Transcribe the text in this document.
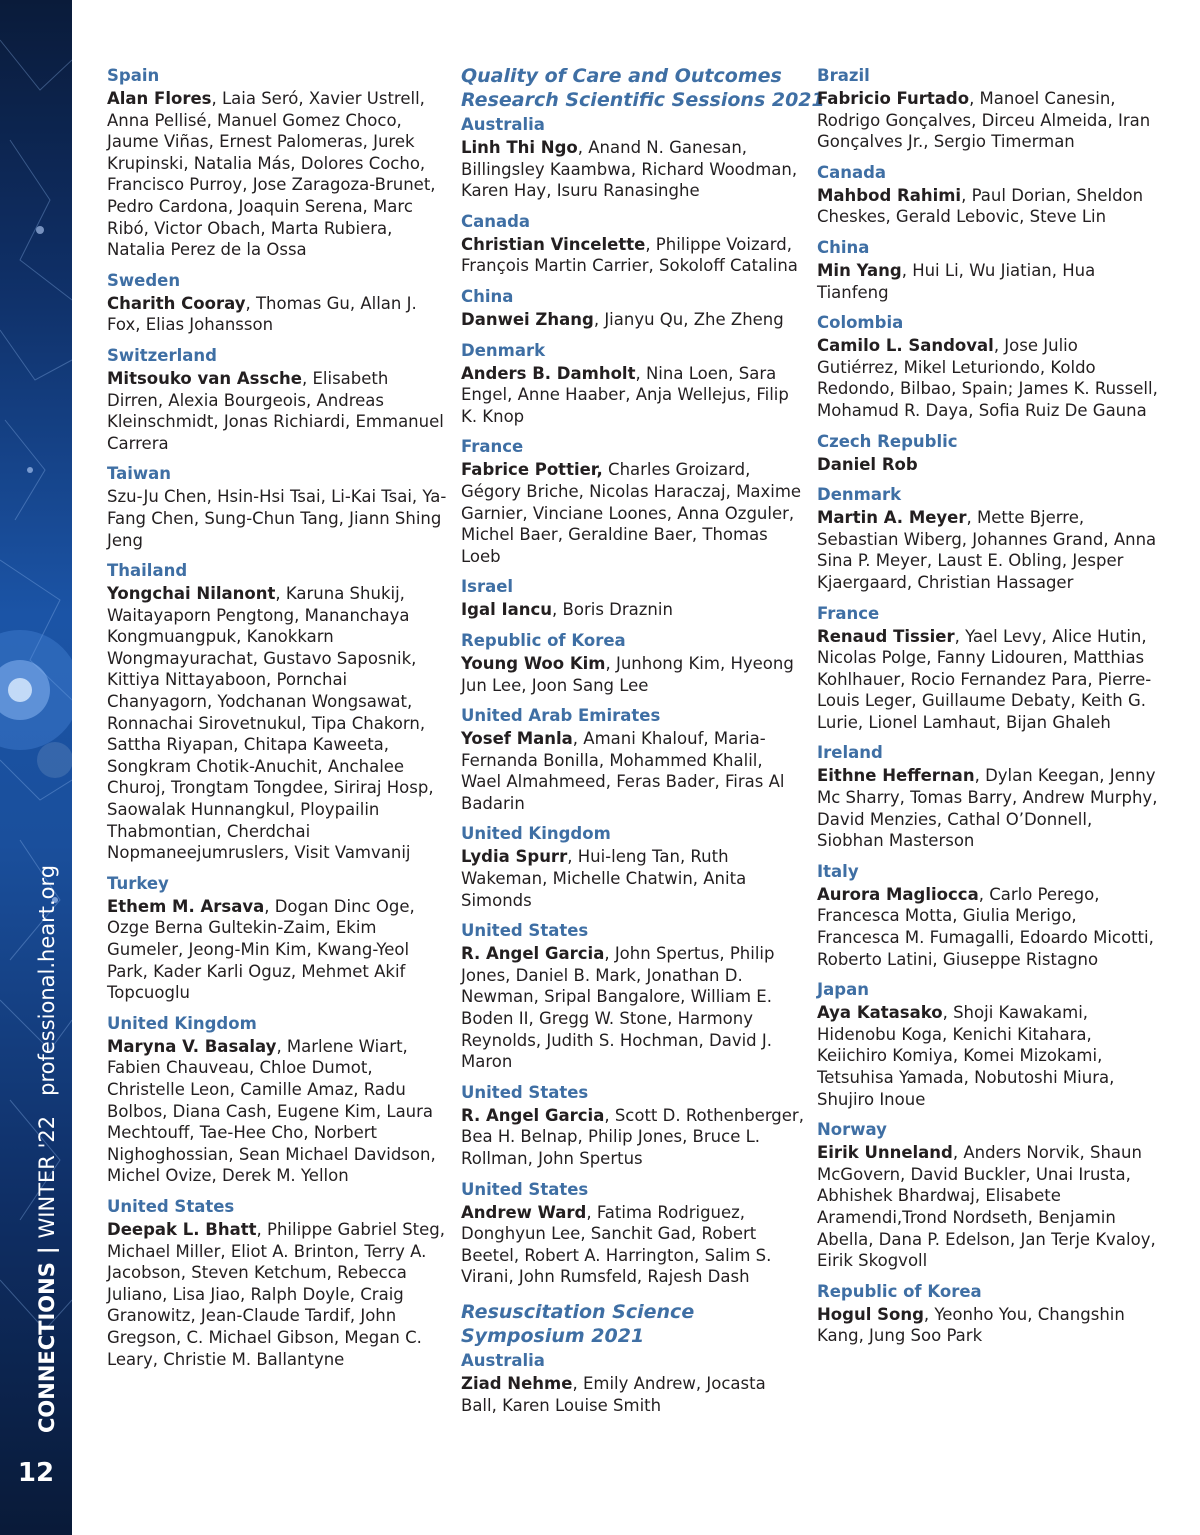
CONNECTIONS|WINTER '22   professional.heart.org
12
Spain
Alan Flores, Laia Seró, Xavier Ustrell, Anna Pellisé, Manuel Gomez Choco, Jaume Viñas, Ernest Palomeras, Jurek Krupinski, Natalia Más, Dolores Cocho, Francisco Purroy, Jose Zaragoza-Brunet, Pedro Cardona, Joaquin Serena, Marc Ribó, Victor Obach, Marta Rubiera, Natalia Perez de la Ossa
Sweden
Charith Cooray, Thomas Gu, Allan J. Fox, Elias Johansson
Switzerland
Mitsouko van Assche, Elisabeth Dirren, Alexia Bourgeois, Andreas Kleinschmidt, Jonas Richiardi, Emmanuel Carrera
Taiwan
Szu-Ju Chen, Hsin-Hsi Tsai, Li-Kai Tsai, Ya-Fang Chen, Sung-Chun Tang, Jiann Shing Jeng
Thailand
Yongchai Nilanont, Karuna Shukij, Waitayaporn Pengtong, Mananchaya Kongmuangpuk, Kanokkarn Wongmayurachat, Gustavo Saposnik, Kittiya Nittayaboon, Pornchai Chanyagorn, Yodchanan Wongsawat, Ronnachai Sirovetnukul, Tipa Chakorn, Sattha Riyapan, Chitapa Kaweeta, Songkram Chotik-Anuchit, Anchalee Churoj, Trongtam Tongdee, Siriraj Hosp, Saowalak Hunnangkul, Ploypailin Thabmontian, Cherdchai Nopmaneejumruslers, Visit Vamvanij
Turkey
Ethem M. Arsava, Dogan Dinc Oge, Ozge Berna Gultekin-Zaim, Ekim Gumeler, Jeong-Min Kim, Kwang-Yeol Park, Kader Karli Oguz, Mehmet Akif Topcuoglu
United Kingdom
Maryna V. Basalay, Marlene Wiart, Fabien Chauveau, Chloe Dumot, Christelle Leon, Camille Amaz, Radu Bolbos, Diana Cash, Eugene Kim, Laura Mechtouff, Tae-Hee Cho, Norbert Nighoghossian, Sean Michael Davidson, Michel Ovize, Derek M. Yellon
United States
Deepak L. Bhatt, Philippe Gabriel Steg, Michael Miller, Eliot A. Brinton, Terry A. Jacobson, Steven Ketchum, Rebecca Juliano, Lisa Jiao, Ralph Doyle, Craig Granowitz, Jean-Claude Tardif, John Gregson, C. Michael Gibson, Megan C. Leary, Christie M. Ballantyne
Quality of Care and Outcomes
Research Scientific Sessions 2021
Australia
Linh Thi Ngo, Anand N. Ganesan, Billingsley Kaambwa, Richard Woodman, Karen Hay, Isuru Ranasinghe
Canada
Christian Vincelette, Philippe Voizard, François Martin Carrier, Sokoloff Catalina
China
Danwei Zhang, Jianyu Qu, Zhe Zheng
Denmark
Anders B. Damholt, Nina Loen, Sara Engel, Anne Haaber, Anja Wellejus, Filip K. Knop
France
Fabrice Pottier, Charles Groizard, Gégory Briche, Nicolas Haraczaj, Maxime Garnier, Vinciane Loones, Anna Ozguler, Michel Baer, Geraldine Baer, Thomas Loeb
Israel
Igal Iancu, Boris Draznin
Republic of Korea
Young Woo Kim, Junhong Kim, Hyeong Jun Lee, Joon Sang Lee
United Arab Emirates
Yosef Manla, Amani Khalouf, Maria-Fernanda Bonilla, Mohammed Khalil, Wael Almahmeed, Feras Bader, Firas Al Badarin
United Kingdom
Lydia Spurr, Hui-leng Tan, Ruth Wakeman, Michelle Chatwin, Anita Simonds
United States
R. Angel Garcia, John Spertus, Philip Jones, Daniel B. Mark, Jonathan D. Newman, Sripal Bangalore, William E. Boden II, Gregg W. Stone, Harmony Reynolds, Judith S. Hochman, David J. Maron
United States
R. Angel Garcia, Scott D. Rothenberger, Bea H. Belnap, Philip Jones, Bruce L. Rollman, John Spertus
United States
Andrew Ward, Fatima Rodriguez, Donghyun Lee, Sanchit Gad, Robert Beetel, Robert A. Harrington, Salim S. Virani, John Rumsfeld, Rajesh Dash
Resuscitation Science
Symposium 2021
Australia
Ziad Nehme, Emily Andrew, Jocasta Ball, Karen Louise Smith
Brazil
Fabricio Furtado, Manoel Canesin, Rodrigo Gonçalves, Dirceu Almeida, Iran Gonçalves Jr., Sergio Timerman
Canada
Mahbod Rahimi, Paul Dorian, Sheldon Cheskes, Gerald Lebovic, Steve Lin
China
Min Yang, Hui Li, Wu Jiatian, Hua Tianfeng
Colombia
Camilo L. Sandoval, Jose Julio Gutiérrez, Mikel Leturiondo, Koldo Redondo, Bilbao, Spain; James K. Russell, Mohamud R. Daya, Sofia Ruiz De Gauna
Czech Republic
Daniel Rob
Denmark
Martin A. Meyer, Mette Bjerre, Sebastian Wiberg, Johannes Grand, Anna Sina P. Meyer, Laust E. Obling, Jesper Kjaergaard, Christian Hassager
France
Renaud Tissier, Yael Levy, Alice Hutin, Nicolas Polge, Fanny Lidouren, Matthias Kohlhauer, Rocio Fernandez Para, Pierre-Louis Leger, Guillaume Debaty, Keith G. Lurie, Lionel Lamhaut, Bijan Ghaleh
Ireland
Eithne Heffernan, Dylan Keegan, Jenny Mc Sharry, Tomas Barry, Andrew Murphy, David Menzies, Cathal O’Donnell, Siobhan Masterson
Italy
Aurora Magliocca, Carlo Perego, Francesca Motta, Giulia Merigo, Francesca M. Fumagalli, Edoardo Micotti, Roberto Latini, Giuseppe Ristagno
Japan
Aya Katasako, Shoji Kawakami, Hidenobu Koga, Kenichi Kitahara, Keiichiro Komiya, Komei Mizokami, Tetsuhisa Yamada, Nobutoshi Miura, Shujiro Inoue
Norway
Eirik Unneland, Anders Norvik, Shaun McGovern, David Buckler, Unai Irusta, Abhishek Bhardwaj, Elisabete Aramendi,Trond Nordseth, Benjamin Abella, Dana P. Edelson, Jan Terje Kvaloy, Eirik Skogvoll
Republic of Korea
Hogul Song, Yeonho You, Changshin Kang, Jung Soo Park
